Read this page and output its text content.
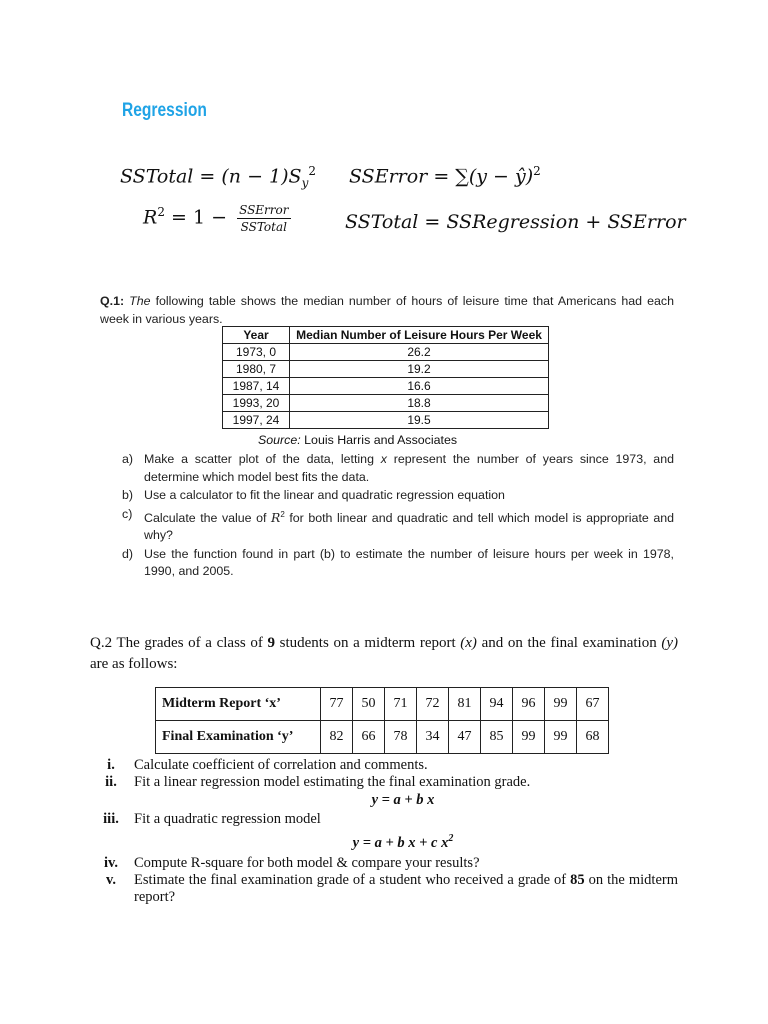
Regression
SSTotal = $(n - 1)S_y^2$ SSError = ∑(y − ŷ)$^2$
$R^2 = 1 - \frac{\text{SSError}}{\text{SSTotal}}$	SSTotal = SSRegression + SSError
Q.1: The following table shows the median number of hours of leisure time that Americans had each week in various years.
Year	Median Number of Leisure Hours Per Week
1973, 0	26.2
1980, 7	19.2
1987, 14	16.6
1993, 20	18.8
1997, 24	19.5
Source: Louis Harris and Associates
a) Make a scatter plot of the data, letting x represent the number of years since 1973, and determine which model best fits the data.
b) Use a calculator to fit the linear and quadratic regression equation
c) Calculate the value of $R^2$ for both linear and quadratic and tell which model is appropriate and why?
d) Use the function found in part (b) to estimate the number of leisure hours per week in 1978, 1990, and 2005.
Q.2 The grades of a class of 9 students on a midterm report (x) and on the final examination (y) are as follows:
Midterm Report ‘x’	77	50	71	72	81	94	96	99	67
Final Examination ‘y’	82	66	78	34	47	85	99	99	68
i.	Calculate coefficient of correlation and comments.
ii.	Fit a linear regression model estimating the final examination grade.
y = a + b x
iii.	Fit a quadratic regression model
y = a + b x + c $x^2$
iv.	Compute R-square for both model & compare your results?
v.	Estimate the final examination grade of a student who received a grade of 85 on the midterm report?
